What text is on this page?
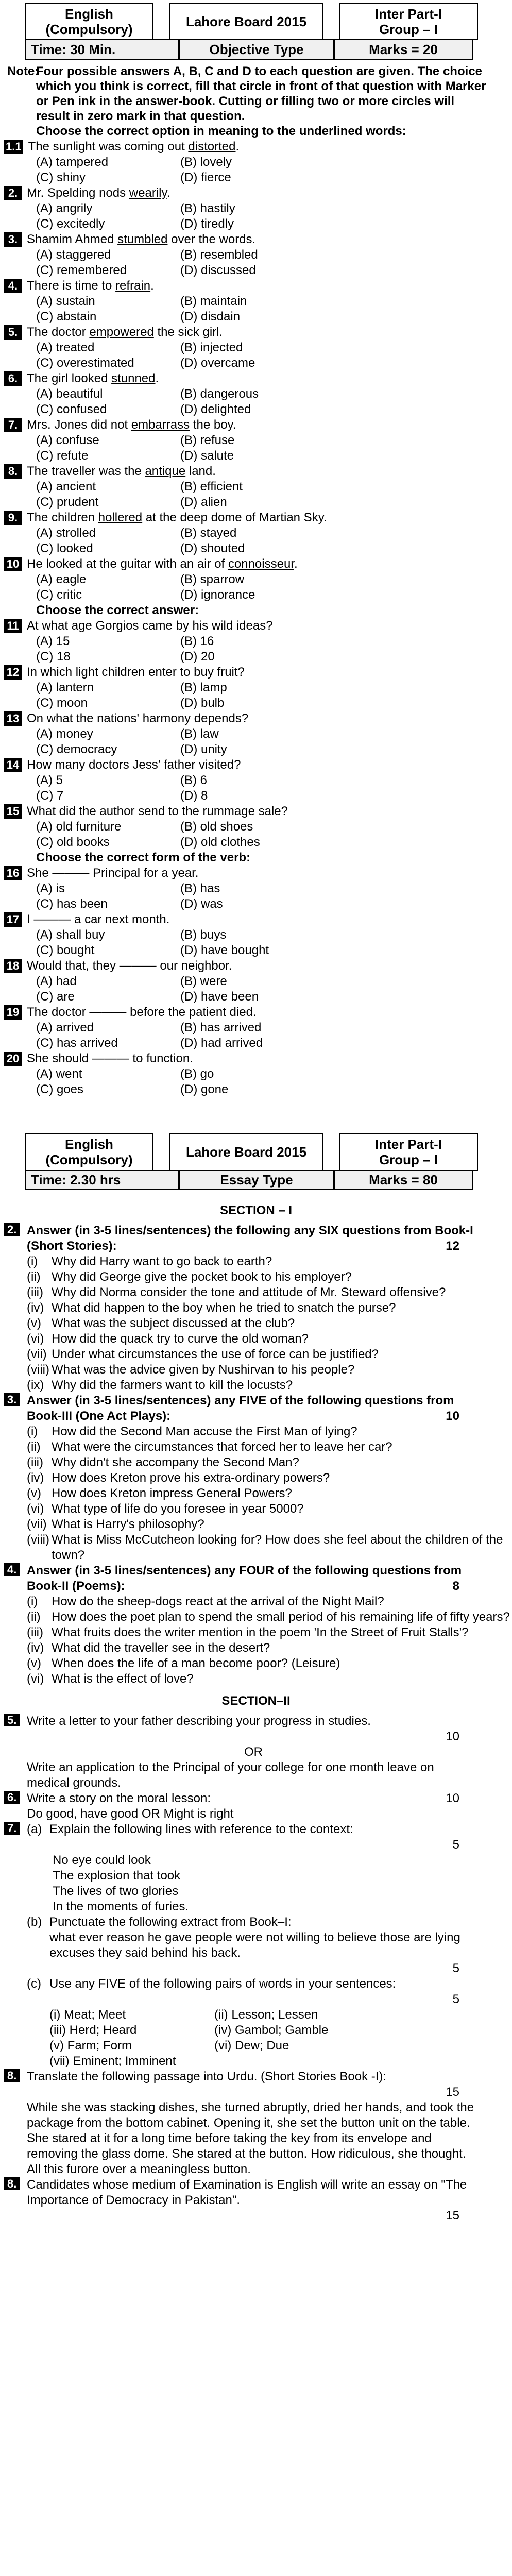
English
(Compulsory)	Lahore Board 2015	Inter Part-I
Group – I
Time: 30 Min.	Objective Type	Marks = 20
Note:
Four possible answers A, B, C and D to each question are given. The choice which you think is correct, fill that circle in front of that question with Marker or Pen ink in the answer-book. Cutting or filling two or more circles will result in zero mark in that question.
Choose the correct option in meaning to the underlined words:
1.1 The sunlight was coming out distorted.
(A) tampered	(B) lovely
(C) shiny	(D) fierce
2. Mr. Spelding nods wearily.
(A) angrily	(B) hastily
(C) excitedly	(D) tiredly
3. Shamim Ahmed stumbled over the words.
(A) staggered	(B) resembled
(C) remembered	(D) discussed
4. There is time to refrain.
(A) sustain	(B) maintain
(C) abstain	(D) disdain
5. The doctor empowered the sick girl.
(A) treated	(B) injected
(C) overestimated	(D) overcame
6. The girl looked stunned.
(A) beautiful	(B) dangerous
(C) confused	(D) delighted
7. Mrs. Jones did not embarrass the boy.
(A) confuse	(B) refuse
(C) refute	(D) salute
8. The traveller was the antique land.
(A) ancient	(B) efficient
(C) prudent	(D) alien
9. The children hollered at the deep dome of Martian Sky.
(A) strolled	(B) stayed
(C) looked	(D) shouted
10 He looked at the guitar with an air of connoisseur.
(A) eagle	(B) sparrow
(C) critic	(D) ignorance
Choose the correct answer:
11 At what age Gorgios came by his wild ideas?
(A) 15	(B) 16
(C) 18	(D) 20
12 In which light children enter to buy fruit?
(A) lantern	(B) lamp
(C) moon	(D) bulb
13 On what the nations' harmony depends?
(A) money	(B) law
(C) democracy	(D) unity
14 How many doctors Jess' father visited?
(A) 5	(B) 6
(C) 7	(D) 8
15 What did the author send to the rummage sale?
(A) old furniture	(B) old shoes
(C) old books	(D) old clothes
Choose the correct form of the verb:
16 She ——— Principal for a year.
(A) is	(B) has
(C) has been	(D) was
17 I ——— a car next month.
(A) shall buy	(B) buys
(C) bought	(D) have bought
18 Would that, they ——— our neighbor.
(A) had	(B) were
(C) are	(D) have been
19 The doctor ——— before the patient died.
(A) arrived	(B) has arrived
(C) has arrived	(D) had arrived
20 She should ——— to function.
(A) went	(B) go
(C) goes	(D) gone
English
(Compulsory)	Lahore Board 2015	Inter Part-I
Group – I
Time: 2.30 hrs	Essay Type	Marks = 80
SECTION – I
2. Answer (in 3-5 lines/sentences) the following any SIX questions from Book-I (Short Stories):	12
(i)	Why did Harry want to go back to earth?
(ii) Why did George give the pocket book to his employer?
(iii) Why did Norma consider the tone and attitude of Mr. Steward offensive?
(iv) What did happen to the boy when he tried to snatch the purse?
(v) What was the subject discussed at the club?
(vi) How did the quack try to curve the old woman?
(vii) Under what circumstances the use of force can be justified?
(viii) What was the advice given by Nushirvan to his people?
(ix) Why did the farmers want to kill the locusts?
3. Answer (in 3-5 lines/sentences) any FIVE of the following questions from Book-III (One Act Plays):	10
(i)	How did the Second Man accuse the First Man of lying?
(ii) What were the circumstances that forced her to leave her car?
(iii) Why didn't she accompany the Second Man?
(iv) How does Kreton prove his extra-ordinary powers?
(v) How does Kreton impress General Powers?
(vi) What type of life do you foresee in year 5000?
(vii) What is Harry's philosophy?
(viii) What is Miss McCutcheon looking for? How does she feel about the children of the town?
4. Answer (in 3-5 lines/sentences) any FOUR of the following questions from Book-II (Poems):	8
(i)	How do the sheep-dogs react at the arrival of the Night Mail?
(ii) How does the poet plan to spend the small period of his remaining life of fifty years?
(iii) What fruits does the writer mention in the poem 'In the Street of Fruit Stalls'?
(iv) What did the traveller see in the desert?
(v) When does the life of a man become poor? (Leisure)
(vi) What is the effect of love?
SECTION–II
5. Write a letter to your father describing your progress in studies.
10
OR
Write an application to the Principal of your college for one month leave on medical grounds.
6. Write a story on the moral lesson:	10
Do good, have good OR Might is right
7. (a) Explain the following lines with reference to the context:
5
No eye could look
The explosion that took
The lives of two glories
In the moments of furies.
(b) Punctuate the following extract from Book–I:
what ever reason he gave people were not willing to believe those are lying excuses they said behind his back.
5
(c) Use any FIVE of the following pairs of words in your sentences:
5
(i) Meat; Meet	(ii) Lesson; Lessen
(iii) Herd; Heard	(iv) Gambol; Gamble
(v) Farm; Form	(vi) Dew; Due
(vii) Eminent; Imminent
8. Translate the following passage into Urdu. (Short Stories Book -I):
15
While she was stacking dishes, she turned abruptly, dried her hands, and took the package from the bottom cabinet. Opening it, she set the button unit on the table. She stared at it for a long time before taking the key from its envelope and removing the glass dome. She stared at the button. How ridiculous, she thought. All this furore over a meaningless button.
8. Candidates whose medium of Examination is English will write an essay on "The Importance of Democracy in Pakistan".
15
